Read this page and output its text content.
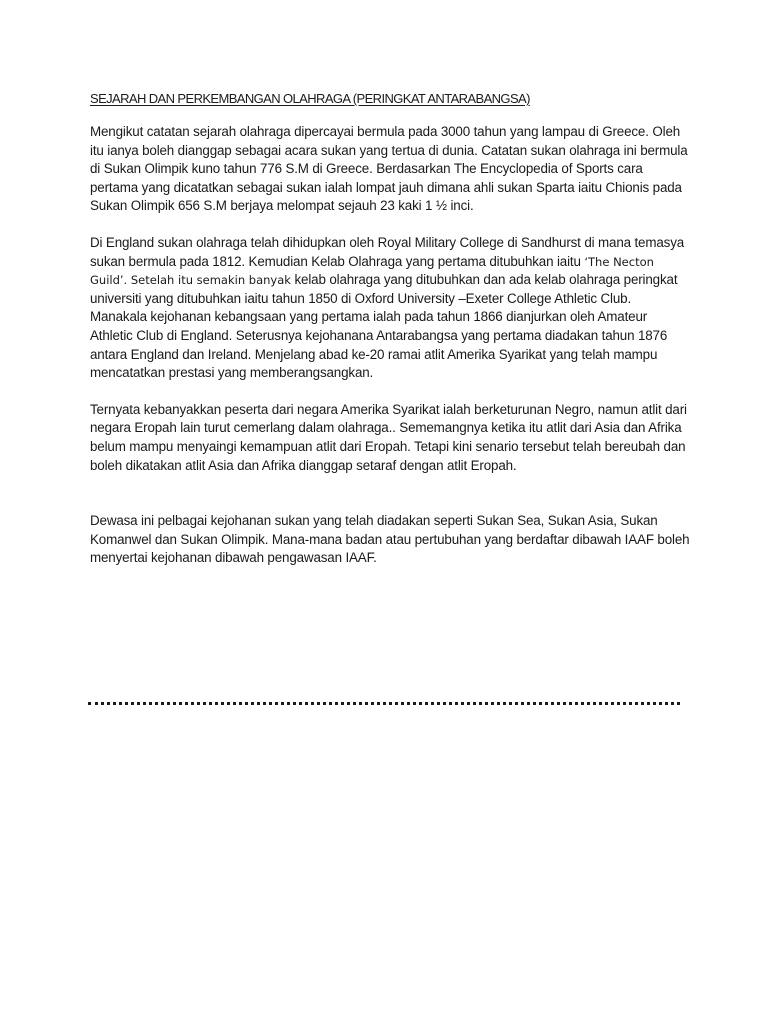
SEJARAH DAN PERKEMBANGAN OLAHRAGA (PERINGKAT ANTARABANGSA)

Mengikut catatan sejarah olahraga dipercayai bermula pada 3000 tahun yang lampau di Greece. Oleh itu ianya boleh dianggap sebagai acara sukan yang tertua di dunia. Catatan sukan olahraga ini bermula di Sukan Olimpik kuno tahun 776 S.M di Greece. Berdasarkan The Encyclopedia of Sports cara pertama yang dicatatkan sebagai sukan ialah lompat jauh dimana ahli sukan Sparta iaitu Chionis pada Sukan Olimpik 656 S.M berjaya melompat sejauh 23 kaki 1 ½ inci.

Di England sukan olahraga telah dihidupkan oleh Royal Military College di Sandhurst di mana temasya sukan bermula pada 1812. Kemudian Kelab Olahraga yang pertama ditubuhkan iaitu ‘The Necton Guild’. Setelah itu semakin banyak kelab olahraga yang ditubuhkan dan ada kelab olahraga peringkat universiti yang ditubuhkan iaitu tahun 1850 di Oxford University –Exeter College Athletic Club. Manakala kejohanan kebangsaan yang pertama ialah pada tahun 1866 dianjurkan oleh Amateur Athletic Club di England. Seterusnya kejohanana Antarabangsa yang pertama diadakan tahun 1876 antara England dan Ireland. Menjelang abad ke-20 ramai atlit Amerika Syarikat yang telah mampu mencatatkan prestasi yang memberangsangkan.

Ternyata kebanyakkan peserta dari negara Amerika Syarikat ialah berketurunan Negro, namun atlit dari negara Eropah lain turut cemerlang dalam olahraga.. Sememangnya ketika itu atlit dari Asia dan Afrika belum mampu menyaingi kemampuan atlit dari Eropah. Tetapi kini senario tersebut telah bereubah dan boleh dikatakan atlit Asia dan Afrika dianggap setaraf dengan atlit Eropah.

Dewasa ini pelbagai kejohanan sukan yang telah diadakan seperti Sukan Sea, Sukan Asia, Sukan Komanwel dan Sukan Olimpik. Mana-mana badan atau pertubuhan yang berdaftar dibawah IAAF boleh menyertai kejohanan dibawah pengawasan IAAF.
